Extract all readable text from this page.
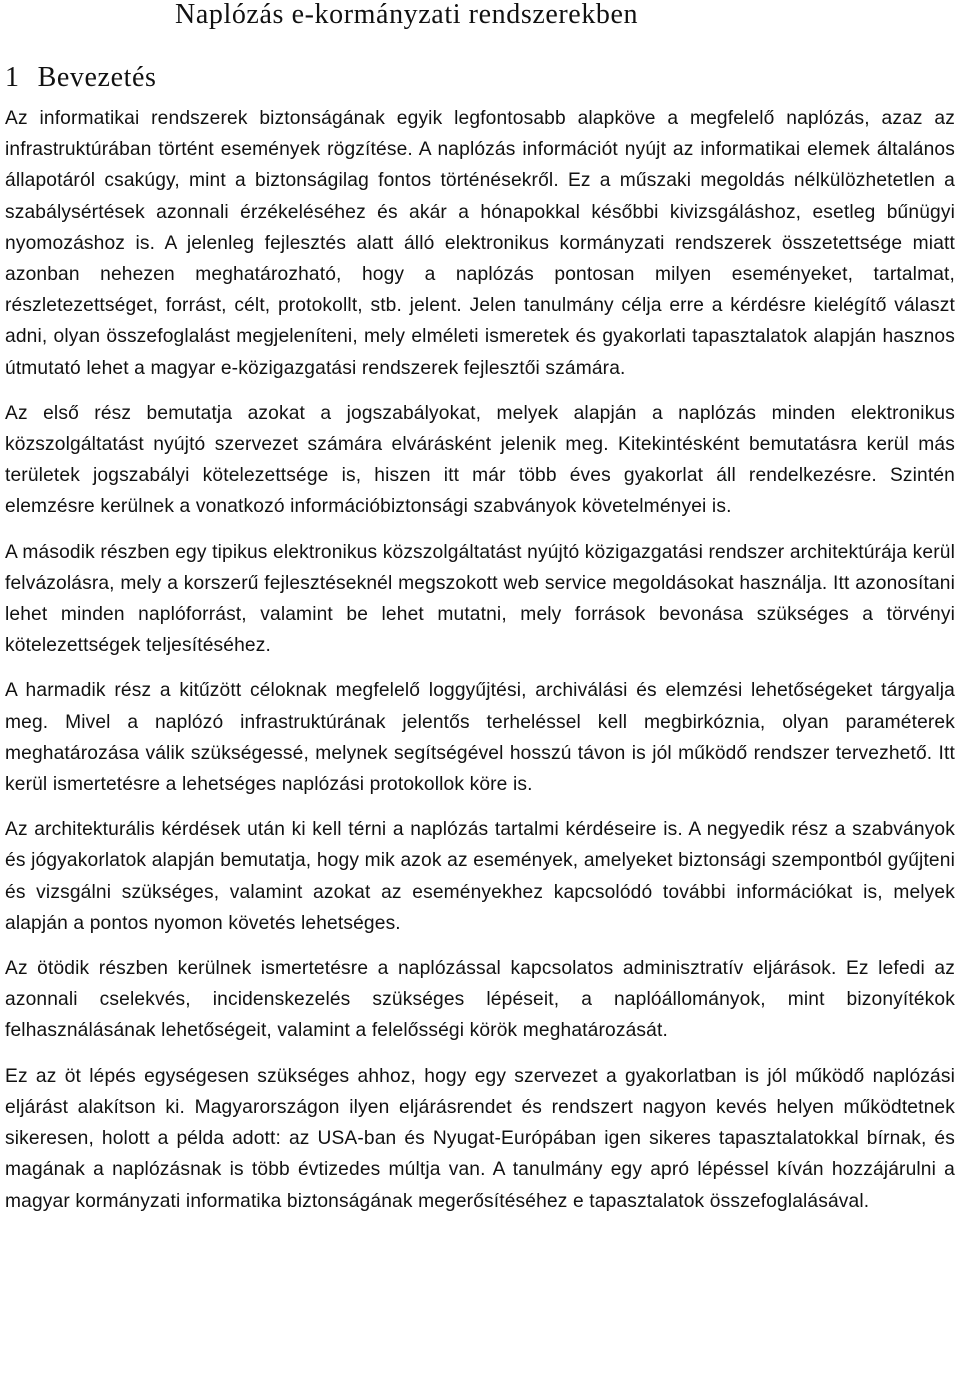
Naplózás e-kormányzati rendszerekben
1 Bevezetés

Az informatikai rendszerek biztonságának egyik legfontosabb alapköve a megfelelő naplózás, azaz az infrastruktúrában történt események rögzítése. A naplózás információt nyújt az informatikai elemek általános állapotáról csakúgy, mint a biztonságilag fontos történésekről. Ez a műszaki megoldás nélkülözhetetlen a szabálysértések azonnali érzékeléséhez és akár a hónapokkal későbbi kivizsgáláshoz, esetleg bűnügyi nyomozáshoz is. A jelenleg fejlesztés alatt álló elektronikus kormányzati rendszerek összetettsége miatt azonban nehezen meghatározható, hogy a naplózás pontosan milyen eseményeket, tartalmat, részletezettséget, forrást, célt, protokollt, stb. jelent. Jelen tanulmány célja erre a kérdésre kielégítő választ adni, olyan összefoglalást megjeleníteni, mely elméleti ismeretek és gyakorlati tapasztalatok alapján hasznos útmutató lehet a magyar e-közigazgatási rendszerek fejlesztői számára.

Az első rész bemutatja azokat a jogszabályokat, melyek alapján a naplózás minden elektronikus közszolgáltatást nyújtó szervezet számára elvárásként jelenik meg. Kitekintésként bemutatásra kerül más területek jogszabályi kötelezettsége is, hiszen itt már több éves gyakorlat áll rendelkezésre. Szintén elemzésre kerülnek a vonatkozó információbiztonsági szabványok követelményei is.

A második részben egy tipikus elektronikus közszolgáltatást nyújtó közigazgatási rendszer architektúrája kerül felvázolásra, mely a korszerű fejlesztéseknél megszokott web service megoldásokat használja. Itt azonosítani lehet minden naplóforrást, valamint be lehet mutatni, mely források bevonása szükséges a törvényi kötelezettségek teljesítéséhez.

A harmadik rész a kitűzött céloknak megfelelő loggyűjtési, archiválási és elemzési lehetőségeket tárgyalja meg. Mivel a naplózó infrastruktúrának jelentős terheléssel kell megbirkóznia, olyan paraméterek meghatározása válik szükségessé, melynek segítségével hosszú távon is jól működő rendszer tervezhető. Itt kerül ismertetésre a lehetséges naplózási protokollok köre is.

Az architekturális kérdések után ki kell térni a naplózás tartalmi kérdéseire is. A negyedik rész a szabványok és jógyakorlatok alapján bemutatja, hogy mik azok az események, amelyeket biztonsági szempontból gyűjteni és vizsgálni szükséges, valamint azokat az eseményekhez kapcsolódó további információkat is, melyek alapján a pontos nyomon követés lehetséges.

Az ötödik részben kerülnek ismertetésre a naplózással kapcsolatos adminisztratív eljárások. Ez lefedi az azonnali cselekvés, incidenskezelés szükséges lépéseit, a naplóállományok, mint bizonyítékok felhasználásának lehetőségeit, valamint a felelősségi körök meghatározását.

Ez az öt lépés egységesen szükséges ahhoz, hogy egy szervezet a gyakorlatban is jól működő naplózási eljárást alakítson ki. Magyarországon ilyen eljárásrendet és rendszert nagyon kevés helyen működtetnek sikeresen, holott a példa adott: az USA-ban és Nyugat-Európában igen sikeres tapasztalatokkal bírnak, és magának a naplózásnak is több évtizedes múltja van. A tanulmány egy apró lépéssel kíván hozzájárulni a magyar kormányzati informatika biztonságának megerősítéséhez e tapasztalatok összefoglalásával.
